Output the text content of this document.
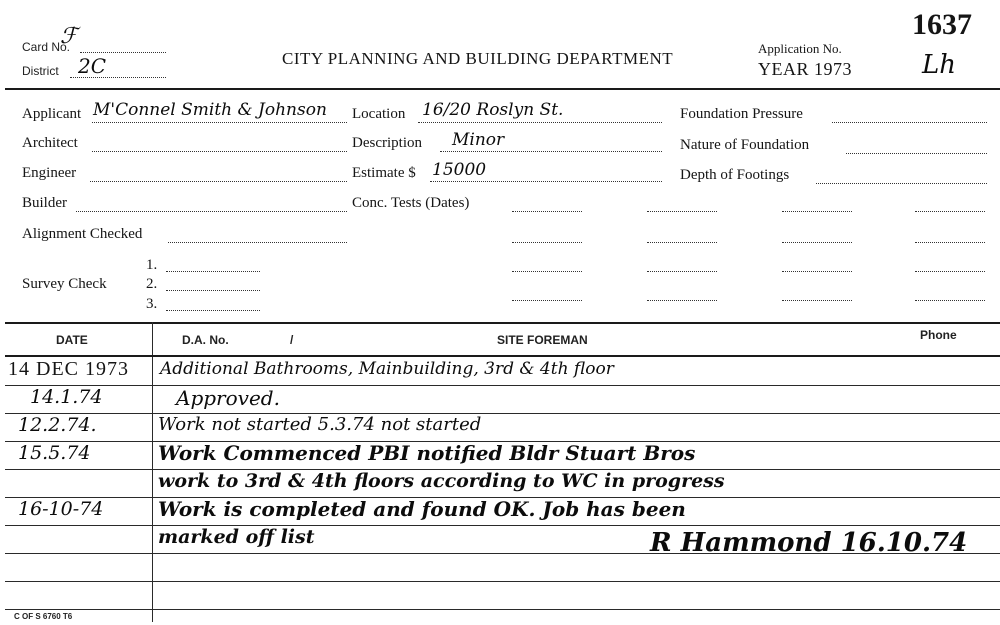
Card No.
ℱ
District 2C	CITY PLANNING AND BUILDING DEPARTMENT
Application No.
YEAR 1973
1637
Lh
Applicant M'Connel Smith & Johnson
Architect
Engineer
Builder
Alignment Checked
Survey Check
1.
2.
3.
Location 16/20 Roslyn St.
Description Minor
Estimate $ 15000
Conc. Tests (Dates)
Foundation Pressure
Nature of Foundation
Depth of Footings
DATE	D.A. No.	/	SITE FOREMAN	Phone
14 DEC 1973 Additional Bathrooms, Mainbuilding, 3rd & 4th floor
14.1.74	Approved.
12.2.74.	Work not started 5.3.74 not started
15.5.74	Work Commenced PBI notified Bldr Stuart Bros
work to 3rd & 4th floors according to WC in progress
16-10-74	Work is completed and found OK. Job has been
marked off list	R Hammond 16.10.74
C OF S 6760 T6
